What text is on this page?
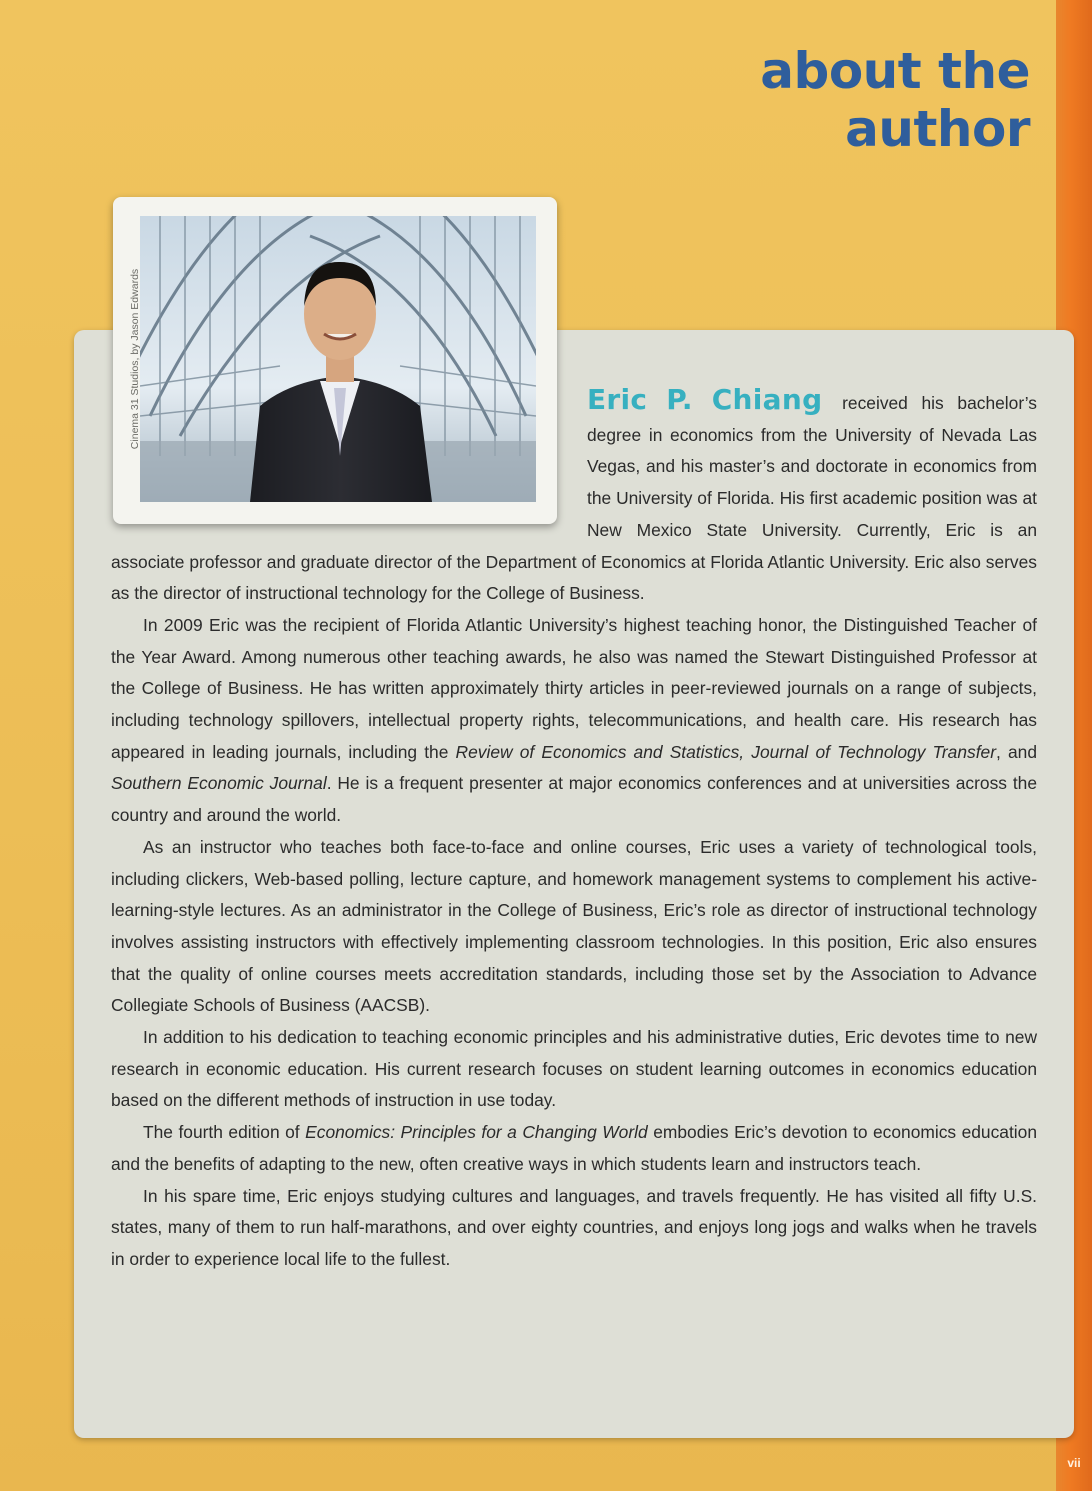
about the author
Cinema 31 Studios, by Jason Edwards	Eric P. Chiang received his bachelor’s degree in economics from the University of Nevada Las Vegas, and his master’s and doctorate in economics from the University of Florida. His first academic position was at New Mexico State University. Currently, Eric is an associate professor and graduate director of the Department of Economics at Florida Atlantic University. Eric also serves as the director of instructional technology for the College of Business.

In 2009 Eric was the recipient of Florida Atlantic University’s highest teaching honor, the Distinguished Teacher of the Year Award. Among numerous other teaching awards, he also was named the Stewart Distinguished Professor at the College of Business. He has written approximately thirty articles in peer-reviewed journals on a range of subjects, including technology spillovers, intellectual property rights, telecommunications, and health care. His research has appeared in leading journals, including the Review of Economics and Statistics, Journal of Technology Transfer, and Southern Economic Journal. He is a frequent presenter at major economics conferences and at universities across the country and around the world.

As an instructor who teaches both face-to-face and online courses, Eric uses a variety of technological tools, including clickers, Web-based polling, lecture capture, and homework management systems to complement his active-learning-style lectures. As an administrator in the College of Business, Eric’s role as director of instructional technology involves assisting instructors with effectively implementing classroom technologies. In this position, Eric also ensures that the quality of online courses meets accreditation standards, including those set by the Association to Advance Collegiate Schools of Business (AACSB).

In addition to his dedication to teaching economic principles and his administrative duties, Eric devotes time to new research in economic education. His current research focuses on student learning outcomes in economics education based on the different methods of instruction in use today.

The fourth edition of Economics: Principles for a Changing World embodies Eric’s devotion to economics education and the benefits of adapting to the new, often creative ways in which students learn and instructors teach.

In his spare time, Eric enjoys studying cultures and languages, and travels frequently. He has visited all fifty U.S. states, many of them to run half-marathons, and over eighty countries, and enjoys long jogs and walks when he travels in order to experience local life to the fullest.

vii
